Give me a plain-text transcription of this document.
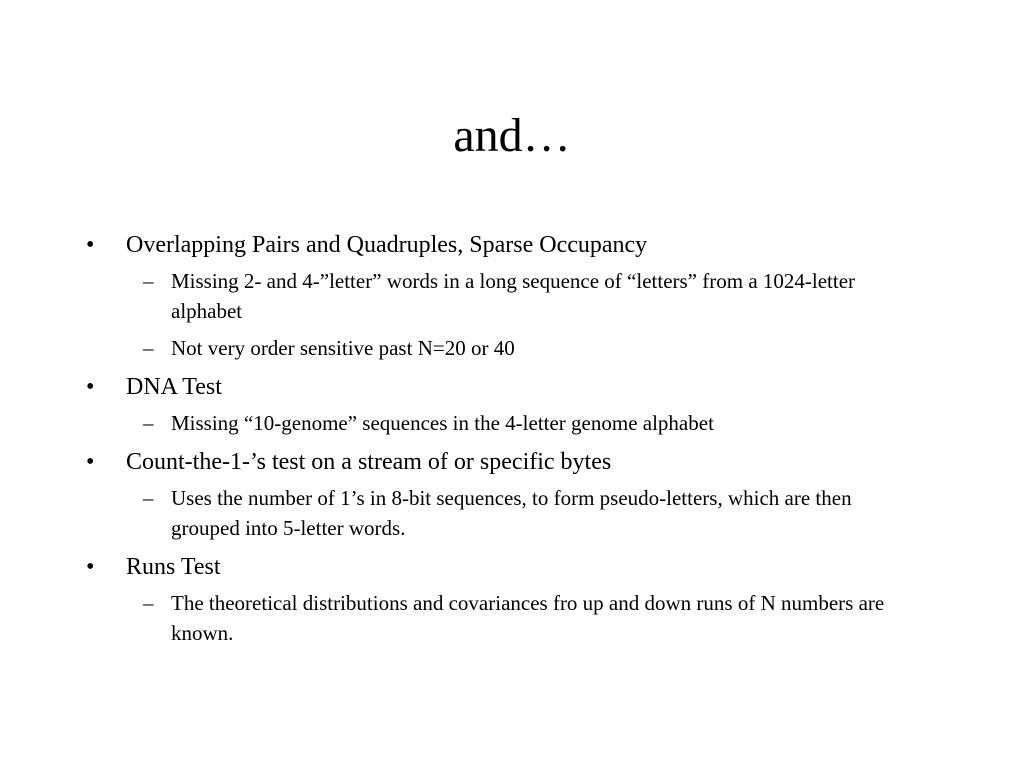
and…
• Overlapping Pairs and Quadruples, Sparse Occupancy
– Missing 2- and 4-”letter” words in a long sequence of “letters” from a 1024-letter alphabet
– Not very order sensitive past N=20 or 40
• DNA Test
– Missing “10-genome” sequences in the 4-letter genome alphabet
• Count-the-1-’s test on a stream of or specific bytes
– Uses the number of 1’s in 8-bit sequences, to form pseudo-letters, which are then grouped into 5-letter words.
• Runs Test
– The theoretical distributions and covariances fro up and down runs of N numbers are known.
